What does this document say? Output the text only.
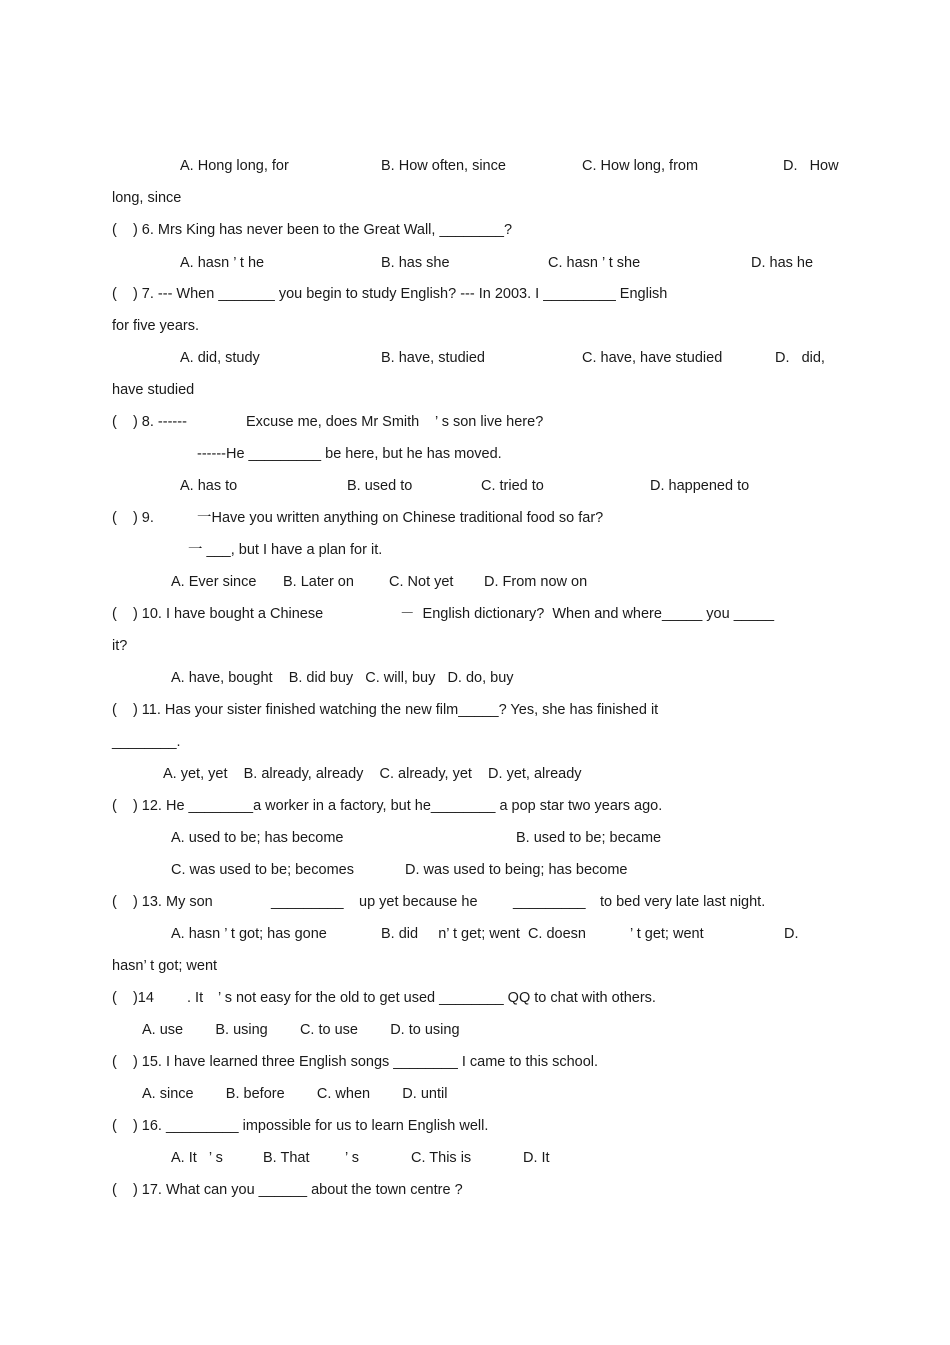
A. Hong long, for	B. How often, since	C. How long, from	D.   How
long, since
(    ) 6. Mrs King has never been to the Great Wall, ________?
A. hasn ’ t he	B. has she	C. hasn ’ t she	D. has he
(    ) 7. --- When _______ you begin to study English? --- In 2003. I _________ English
for five years.
A. did, study	B. have, studied	C. have, have studied	D.   did,
have studied
(    ) 8. ------	Excuse me, does Mr Smith ’ s son live here?
------He _________ be here, but he has moved.
A. has to	B. used to	C. tried to	D. happened to
(    ) 9.	一Have you written anything on Chinese traditional food so far?
一 ___, but I have a plan for it.
A. Ever since B. Later on C. Not yet D. From now on
(    ) 10. I have bought a Chinese	－  English dictionary?  When and where_____ you _____
it?
A. have, bought    B. did buy   C. will, buy   D. do, buy
(    ) 11. Has your sister finished watching the new film_____? Yes, she has finished it
________.
A. yet, yet    B. already, already    C. already, yet    D. yet, already
(    ) 12. He ________a worker in a factory, but he________ a pop star two years ago.
A. used to be; has become	B. used to be; became
C. was used to be; becomes	D. was used to being; has become
(    ) 13. My son	_________ up yet because he _________ to bed very late last night.
A. hasn ’ t got; has gone	B. did     n’ t get; went  C. doesn	’ t get; went	D.
hasn’ t got; went
(    )14 . It ’ s not easy for the old to get used ________ QQ to chat with others.
A. use        B. using        C. to use        D. to using
(    ) 15. I have learned three English songs ________ I came to this school.
A. since        B. before        C. when        D. until
(    ) 16. _________ impossible for us to learn English well.
A. It   ’ s	B. That ’ s	C. This is	D. It
(    ) 17. What can you ______ about the town centre ?
